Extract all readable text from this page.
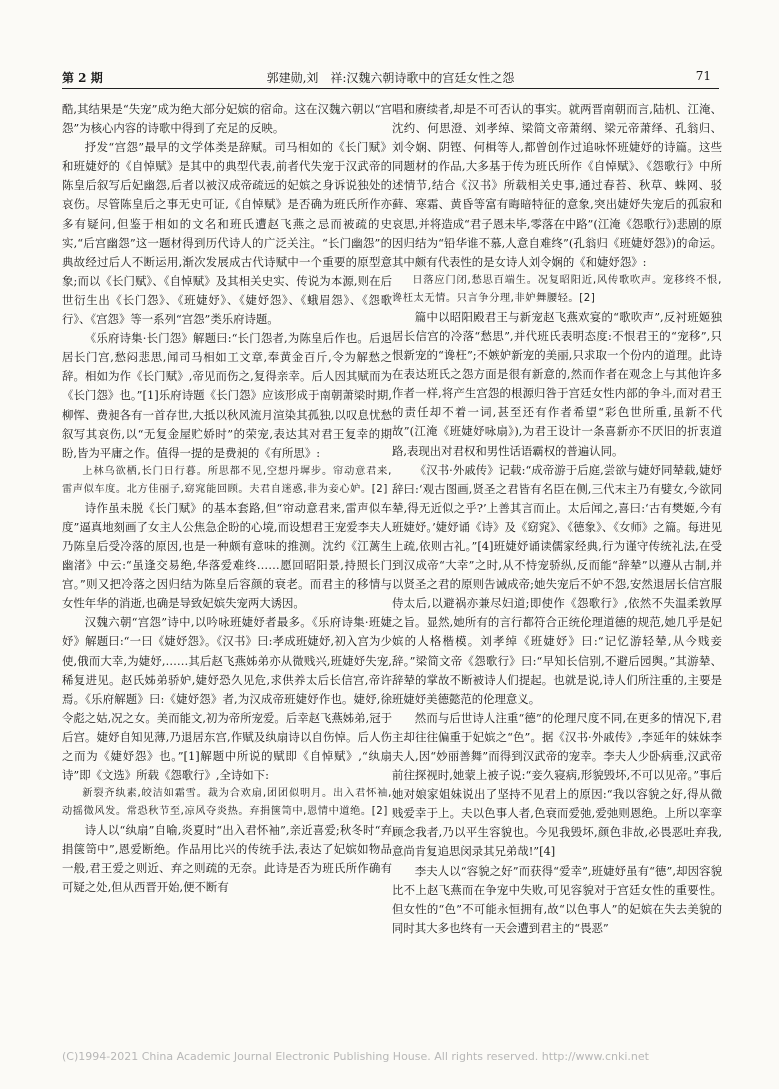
第 2 期	郭建勋,刘　祥:汉魏六朝诗歌中的宫廷女性之怨	71

酷,其结果是“失宠”成为绝大部分妃嫔的宿命。这在汉魏六朝以“宫怨”为核心内容的诗歌中得到了充足的反映。

抒发“宫怨”最早的文学体类是辞赋。司马相如的《长门赋》和班婕妤的《自悼赋》是其中的典型代表,前者代失宠于汉武帝的陈皇后叙写后妃幽怨,后者以被汉成帝疏远的妃嫔之身诉说独处的哀伤。尽管陈皇后之事无史可证,《自悼赋》是否确为班氏所作亦多有疑问,但鉴于相如的文名和班氏遭赵飞燕之忌而被疏的史实,“后宫幽怨”这一题材得到历代诗人的广泛关注。“长门幽怨”的典故经过后人不断运用,渐次发展成古代诗赋中一个重要的原型意象;而以《长门赋》、《自悼赋》及其相关史实、传说为本源,则在后世衍生出《长门怨》、《班婕妤》、《婕妤怨》、《蛾眉怨》、《怨歌行》、《宫怨》等一系列“宫怨”类乐府诗题。

《乐府诗集·长门怨》解题曰:“长门怨者,为陈皇后作也。后退居长门宫,愁闷悲思,闻司马相如工文章,奉黄金百斤,令为解愁之辞。相如为作《长门赋》,帝见而伤之,复得亲幸。后人因其赋而为《长门怨》也。”[1]乐府诗题《长门怨》应该形成于南朝萧梁时期,柳恽、费昶各有一首存世,大抵以秋风流月渲染其孤独,以叹息忧愁叙写其哀伤,以“无复金屋贮娇时”的荣宠,表达其对君王复幸的期盼,皆为平庸之作。值得一提的是费昶的《有所思》:

上林乌欲栖,长门日行暮。所思都不见,空想丹墀步。帘动意君来,雷声似车度。北方佳丽子,窈窕能回顾。夫君自迷惑,非为妾心妒。[2]

诗作虽未脱《长门赋》的基本套路,但“帘动意君来,雷声似车度”逼真地刻画了女主人公焦急企盼的心境,而设想君王宠爱李夫人乃陈皇后受冷落的原因,也是一种颇有意味的推测。沈约《江蓠生幽渚》中云:“虽逢交易绝,华落爱难终……愿回昭阳景,持照长门宫。”则又把冷落之因归结为陈皇后容颜的衰老。而君主的移情与女性年华的消逝,也确是导致妃嫔失宠两大诱因。

汉魏六朝“宫怨”诗中,以吟咏班婕妤者最多。《乐府诗集·班婕妤》解题曰:“一曰《婕妤怨》。《汉书》曰:孝成班婕妤,初入宫为少使,俄而大幸,为婕妤,……其后赵飞燕姊弟亦从微贱兴,班婕妤失宠,稀复进见。赵氏姊弟骄妒,婕妤恐久见危,求供养太后长信宫,帝许焉。《乐府解题》曰:《婕妤怨》者,为汉成帝班婕妤作也。婕妤,徐令彪之姑,况之女。美而能文,初为帝所宠爱。后幸赵飞燕姊弟,冠于后宫。婕妤自知见薄,乃退居东宫,作赋及纨扇诗以自伤悼。后人伤之而为《婕妤怨》也。”[1]解题中所说的赋即《自悼赋》,“纨扇诗”即《文选》所载《怨歌行》,全诗如下:

新裂齐纨素,皎洁如霜雪。裁为合欢扇,团团似明月。出入君怀袖,动摇微风发。常恐秋节至,凉风夺炎热。弃捐箧笥中,恩情中道绝。[2]

诗人以“纨扇”自喻,炎夏时“出入君怀袖”,亲近喜爱;秋冬时“弃捐箧笥中”,恩爱断绝。作品用比兴的传统手法,表达了妃嫔如物品一般,君王爱之则近、弃之则疏的无奈。此诗是否为班氏所作确有可疑之处,但从西晋开始,便不断有

唱和赓续者,却是不可否认的事实。就两晋南朝而言,陆机、江淹、沈约、何思澄、刘孝绰、梁简文帝萧纲、梁元帝萧绎、孔翁归、刘令娴、阴铿、何楫等人,都曾创作过追咏怀班婕妤的诗篇。这些同题材的作品,大多基于传为班氏所作《自悼赋》、《怨歌行》中所述情节,结合《汉书》所载相关史事,通过春苔、秋草、蛛网、驳藓、寒霜、黄昏等富有晦暗特征的意象,突出婕妤失宠后的孤寂和哀思,并将造成“君子恩未毕,零落在中路”(江淹《怨歌行》)悲剧的原因归结为“铅华谁不慕,人意自难终”(孔翁归《班婕妤怨》)的命运。其中颇有代表性的是女诗人刘令娴的《和婕妤怨》:

日落应门闭,愁思百端生。况复昭阳近,风传歌吹声。宠移终不恨,谗枉太无情。只言争分理,非妒舞腰轻。[2]

篇中以昭阳殿君王与新宠赵飞燕欢宴的“歌吹声”,反衬班姬独居长信宫的冷落“愁思”,并代班氏表明态度:不恨君王的“宠移”,只恨新宠的“谗枉”;不嫉妒新宠的美丽,只求取一个份内的道理。此诗在表达班氏之怨方面是很有新意的,然而作者在观念上与其他许多作者一样,将产生宫怨的根源归咎于宫廷女性内部的争斗,而对君王的责任却不着一词,甚至还有作者希望“彩色世所重,虽新不代故”(江淹《班婕妤咏扇》),为君王设计一条喜新亦不厌旧的折衷道路,表现出对君权和男性话语霸权的普遍认同。

《汉书·外戚传》记载:“成帝游于后庭,尝欲与婕妤同辇载,婕妤辞曰:‘观古图画,贤圣之君皆有名臣在侧,三代末主乃有嬖女,今欲同辇,得无近似之乎?’上善其言而止。太后闻之,喜曰:‘古有樊姬,今有班婕妤。’婕妤诵《诗》及《窈窕》、《德象》、《女师》之篇。每进见上疏,依则古礼。”[4]班婕妤诵读儒家经典,行为谨守传统礼法,在受到汉成帝“大幸”之时,从不恃宠骄纵,反而能“辞辇”以遵从古制,并以贤圣之君的原则告诫成帝;她失宠后不妒不怨,安然退居长信宫服侍太后,以避祸亦兼尽妇道;即使作《怨歌行》,依然不失温柔敦厚之旨。显然,她所有的言行都符合正统伦理道德的规范,她几乎是妃嫔的人格楷模。刘孝绰《班婕妤》曰:“记忆游轻辇,从今贱妾辞。”梁简文帝《怨歌行》曰:“早知长信别,不避后园舆。”其游辇、辞辇的掌故不断被诗人们提起。也就是说,诗人们所注重的,主要是班婕妤美德懿范的伦理意义。

然而与后世诗人注重“德”的伦理尺度不同,在更多的情况下,君主却往往偏重于妃嫔之“色”。据《汉书·外戚传》,李延年的妹妹李夫人,因“妙丽善舞”而得到汉武帝的宠幸。李夫人少卧病垂,汉武帝前往探视时,她蒙上被子说:“妾久寝病,形貌毁坏,不可以见帝。”事后她对娘家姐妹说出了坚持不见君上的原因:“我以容貌之好,得从微贱爱幸于上。夫以色事人者,色衰而爱弛,爱弛则恩绝。上所以挛挛顾念我者,乃以平生容貌也。今见我毁坏,颜色非故,必畏恶吐弃我,意尚肯复追思闵录其兄弟哉!”[4]

李夫人以“容貌之好”而获得“爱幸”,班婕妤虽有“德”,却因容貌比不上赵飞燕而在争宠中失败,可见容貌对于宫廷女性的重要性。但女性的“色”不可能永恒拥有,故“以色事人”的妃嫔在失去美貌的同时其大多也终有一天会遭到君主的“畏恶”

(C)1994-2021 China Academic Journal Electronic Publishing House. All rights reserved. http://www.cnki.net
